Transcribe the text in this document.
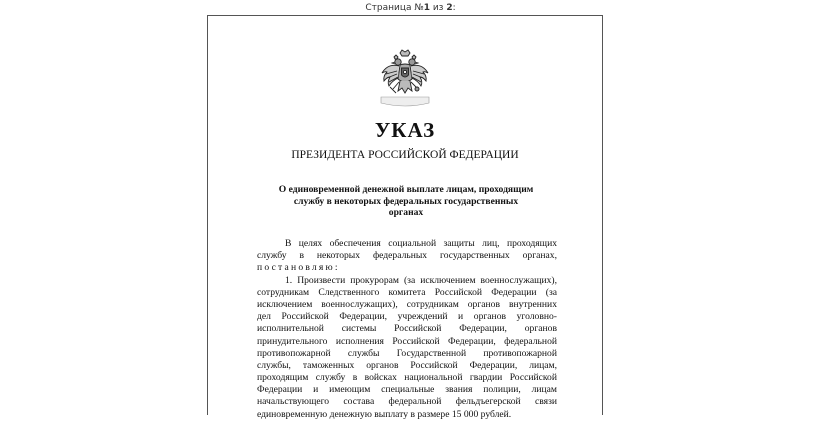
Страница №1 из 2:
УКАЗ
ПРЕЗИДЕНТА РОССИЙСКОЙ ФЕДЕРАЦИИ
О единовременной денежной выплате лицам, проходящим
службу в некоторых федеральных государственных
органах
В целях обеспечения социальной защиты лиц, проходящих
службу в некоторых федеральных государственных органах,
постановляю:
1. Произвести прокурорам (за исключением военнослужащих),
сотрудникам Следственного комитета Российской Федерации (за
исключением военнослужащих), сотрудникам органов внутренних
дел Российской Федерации, учреждений и органов уголовно-
исполнительной системы Российской Федерации, органов
принудительного исполнения Российской Федерации, федеральной
противопожарной службы Государственной противопожарной
службы, таможенных органов Российской Федерации, лицам,
проходящим службу в войсках национальной гвардии Российской
Федерации и имеющим специальные звания полиции, лицам
начальствующего состава федеральной фельдъегерской связи
единовременную денежную выплату в размере 15 000 рублей.
